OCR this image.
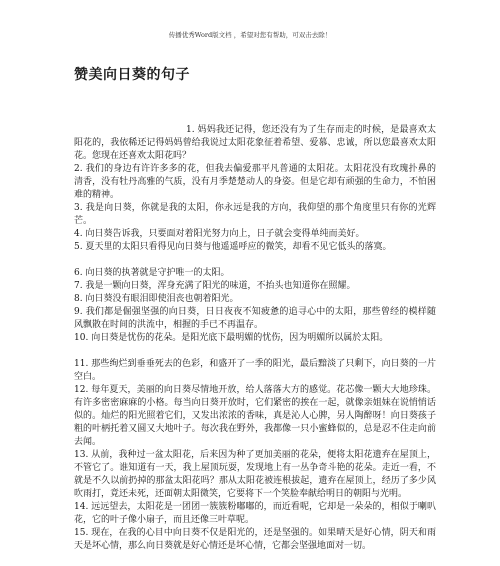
传播优秀Word版文档 ，希望对您有帮助，可双击去除！
赞美向日葵的句子

1. 妈妈我还记得，您还没有为了生存而走的时候，是最喜欢太阳花的，我依稀还记得妈妈曾给我说过太阳花象征着希望、爱慕、忠诚，所以您最喜欢太阳花。您现在还喜欢太阳花吗？

2. 我们的身边有许许多多的花，但我去偏爱那平凡普通的太阳花。太阳花没有玫瑰扑鼻的清香，没有牡丹高雅的气质，没有月季楚楚动人的身姿。但是它却有顽强的生命力，不怕困难的精神。

3. 我是向日葵，你就是我的太阳，你永远是我的方向，我仰望的那个角度里只有你的光辉芒。

4. 向日葵告诉我，只要面对着阳光努力向上，日子就会变得单纯而美好。

5. 夏天里的太阳只看得见向日葵与他遥遥呼应的微笑，却看不见它低头的落寞。

6. 向日葵的执著就是守护唯一的太阳。

7. 我是一颗向日葵，浑身充满了阳光的味道，不抬头也知道你在照耀。

8. 向日葵没有眼泪即使泪丧也朝着阳光。

9. 我们都是倔强坚强的向日葵，日日夜夜不知疲惫的追寻心中的太阳，那些曾经的模样随风飘散在时间的洪流中，相握的手已不再温存。

10. 向日葵是忧伤的花朵。是阳光底下最明媚的忧伤，因为明媚所以属於太阳。

11. 那些绚烂到垂垂死去的色彩，和盛开了一季的阳光，最后黯淡了只剩下，向日葵的一片空白。

12. 每年夏天，美丽的向日葵尽情地开放，给人落落大方的感觉。花芯像一颗大大地珍珠。有许多密密麻麻的小格。每当向日葵开放时，它们紧密的挨在一起，就像亲姐妹在说悄悄话似的。灿烂的阳光照着它们，又发出浓浓的香味，真是沁人心脾，另人陶醉呀！向日葵孩子粗的叶柄托着又圆又大地叶子。每次我在野外，我都像一只小蜜蜂似的，总是忍不住走向前去闻。

13. 从前，我种过一盆太阳花，后来因为种了更加美丽的花朵，便将太阳花遗弃在屋顶上，不管它了。谁知道有一天，我上屋顶玩耍，发现地上有一丛争奇斗艳的花朵。走近一看，不就是不久以前扔掉的那盆太阳花吗？那从太阳花被连根拔起，遗弃在屋顶上，经历了多少风吹雨打，竟还未死，还面朝太阳微笑，它要将下一个笑脸奉献给明日的朝阳与光明。

14. 远远望去，太阳花是一团团一簇簇粉嘟嘟的，而近看呢，它却是一朵朵的，相似于喇叭花，它的叶子像小扇子，而且还像三叶草呢。

15. 现在，在我的心目中向日葵不仅是阳光的，还是坚强的。如果晴天是好心情，阴天和雨天是坏心情，那么向日葵就是好心情还是坏心情，它都会坚强地面对一切。
